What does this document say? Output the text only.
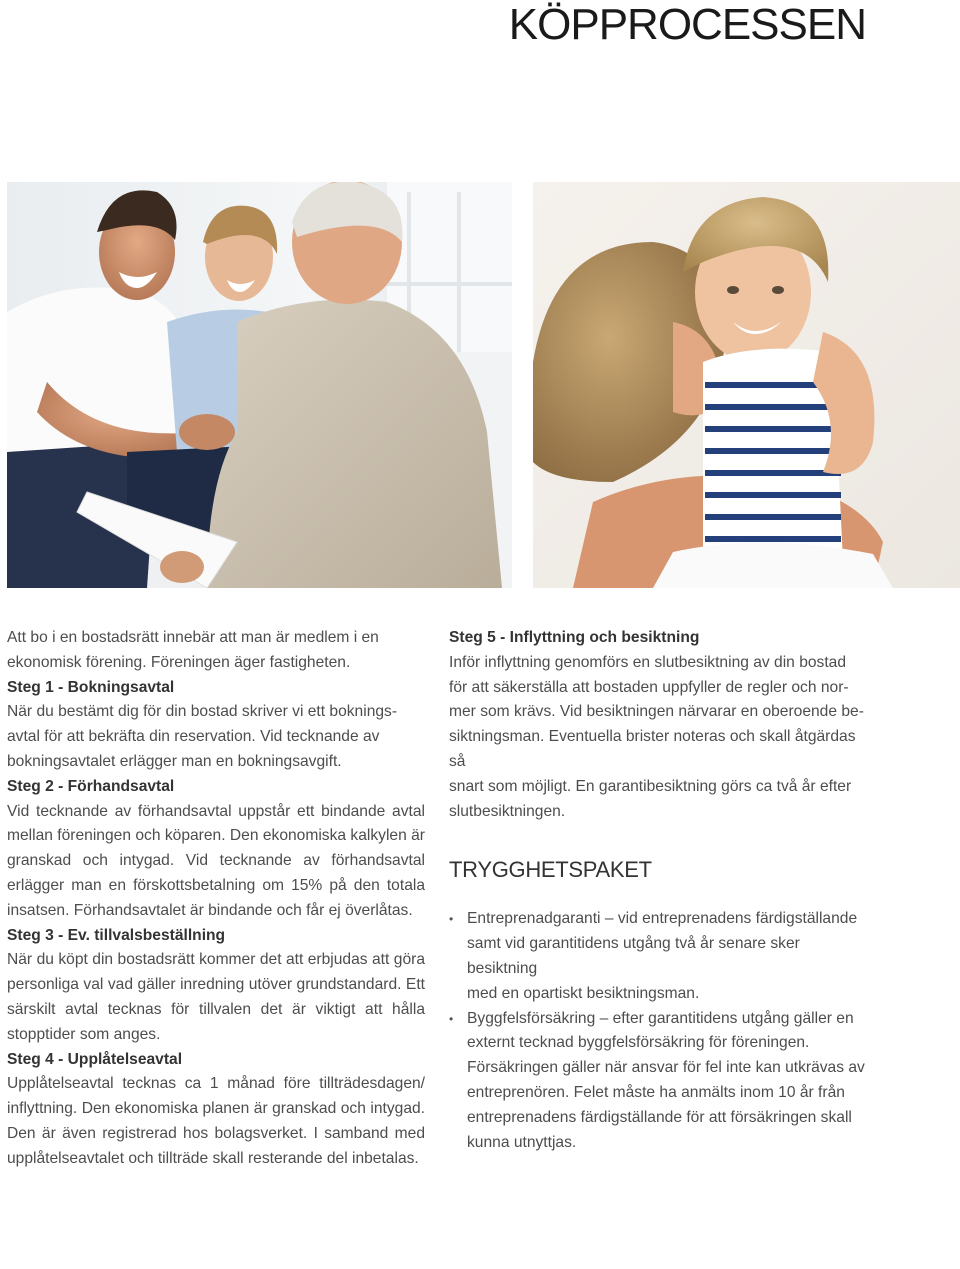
KÖPPROCESSEN

Att bo i en bostadsrätt innebär att man är medlem i en
ekonomisk förening. Föreningen äger fastigheten.

Steg 1 - Bokningsavtal
När du bestämt dig för din bostad skriver vi ett boknings-
avtal för att bekräfta din reservation. Vid tecknande av
bokningsavtalet erlägger man en bokningsavgift.

Steg 2 - Förhandsavtal
Vid tecknande av förhandsavtal uppstår ett bindande avtal mellan föreningen och köparen. Den ekonomiska kalkylen är granskad och intygad. Vid tecknande av förhandsavtal erlägger man en förskottsbetalning om 15% på den totala insatsen. Förhandsavtalet är bindande och får ej överlåtas.

Steg 3 - Ev. tillvalsbeställning
När du köpt din bostadsrätt kommer det att erbjudas att göra personliga val vad gäller inredning utöver grundstandard. Ett särskilt avtal tecknas för tillvalen det är viktigt att hålla stopptider som anges.

Steg 4 - Upplåtelseavtal
Upplåtelseavtal tecknas ca 1 månad före tillträdesdagen/ inflyttning. Den ekonomiska planen är granskad och intygad. Den är även registrerad hos bolagsverket. I samband med upplåtelseavtalet och tillträde skall resterande del inbetalas.

Steg 5 - Inflyttning och besiktning
Inför inflyttning genomförs en slutbesiktning av din bostad
för att säkerställa att bostaden uppfyller de regler och nor-
mer som krävs. Vid besiktningen närvarar en oberoende be-
siktningsman. Eventuella brister noteras och skall åtgärdas så
snart som möjligt. En garantibesiktning görs ca två år efter
slutbesiktningen.

TRYGGHETSPAKET
• Entreprenadgaranti – vid entreprenadens färdigställande
samt vid garantitidens utgång två år senare sker besiktning
med en opartiskt besiktningsman.
• Byggfelsförsäkring – efter garantitidens utgång gäller en
externt tecknad byggfelsförsäkring för föreningen.
Försäkringen gäller när ansvar för fel inte kan utkrävas av
entreprenören. Felet måste ha anmälts inom 10 år från
entreprenadens färdigställande för att försäkringen skall
kunna utnyttjas.
